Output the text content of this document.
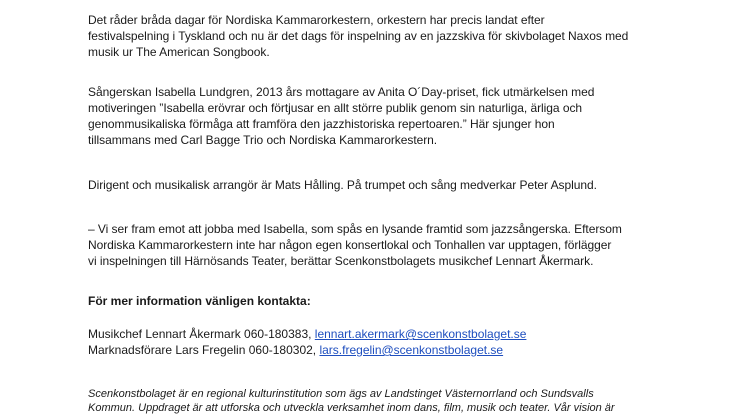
Det råder bråda dagar för Nordiska Kammarorkestern, orkestern har precis landat efter
festivalspelning i Tyskland och nu är det dags för inspelning av en jazzskiva för skivbolaget Naxos med
musik ur The American Songbook.

Sångerskan Isabella Lundgren, 2013 års mottagare av Anita O´Day-priset, fick utmärkelsen med
motiveringen ”Isabella erövrar och förtjusar en allt större publik genom sin naturliga, ärliga och
genommusikaliska förmåga att framföra den jazzhistoriska repertoaren.” Här sjunger hon
tillsammans med Carl Bagge Trio och Nordiska Kammarorkestern.

Dirigent och musikalisk arrangör är Mats Hålling. På trumpet och sång medverkar Peter Asplund.

– Vi ser fram emot att jobba med Isabella, som spås en lysande framtid som jazzsångerska. Eftersom
Nordiska Kammarorkestern inte har någon egen konsertlokal och Tonhallen var upptagen, förlägger
vi inspelningen till Härnösands Teater, berättar Scenkonstbolagets musikchef Lennart Åkermark.

För mer information vänligen kontakta:

Musikchef Lennart Åkermark 060-180383, lennart.akermark@scenkonstbolaget.se
Marknadsförare Lars Fregelin 060-180302, lars.fregelin@scenkonstbolaget.se

Scenkonstbolaget är en regional kulturinstitution som ägs av Landstinget Västernorrland och Sundsvalls
Kommun. Uppdraget är att utforska och utveckla verksamhet inom dans, film, musik och teater. Vår vision är
